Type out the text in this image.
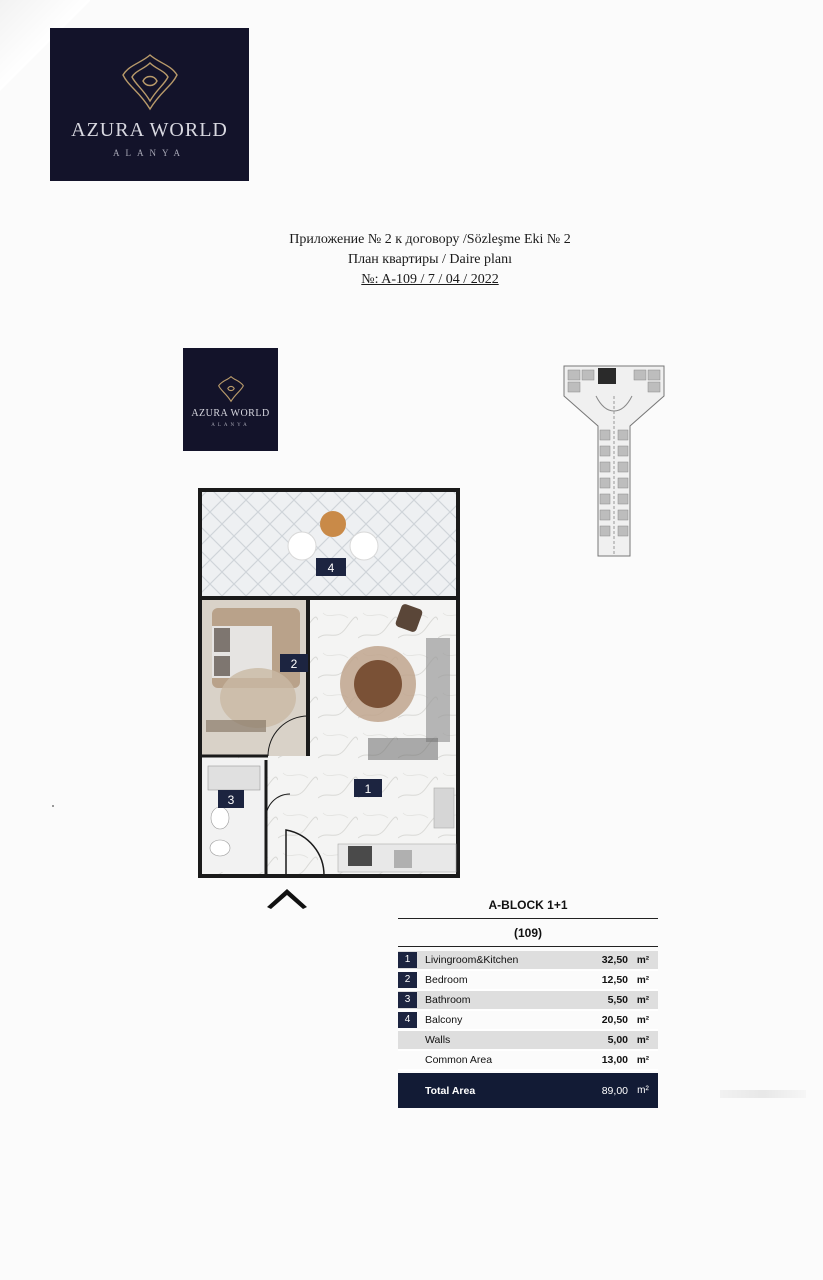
AZURA WORLD
ALANYA
Приложение № 2 к договору /Sözleşme Eki № 2
План квартиры / Daire planı
№: A-109 / 7 / 04 / 2022
AZURA WORLD
ALANYA
1
2
3
4
A-BLOCK 1+1
(109)
1	Livingroom&Kitchen	32,50 m²
2	Bedroom	12,50 m²
3	Bathroom	5,50 m²
4	Balcony	20,50 m²
Walls	5,00 m²
Common Area	13,00 m²
Total Area	89,00 m²
